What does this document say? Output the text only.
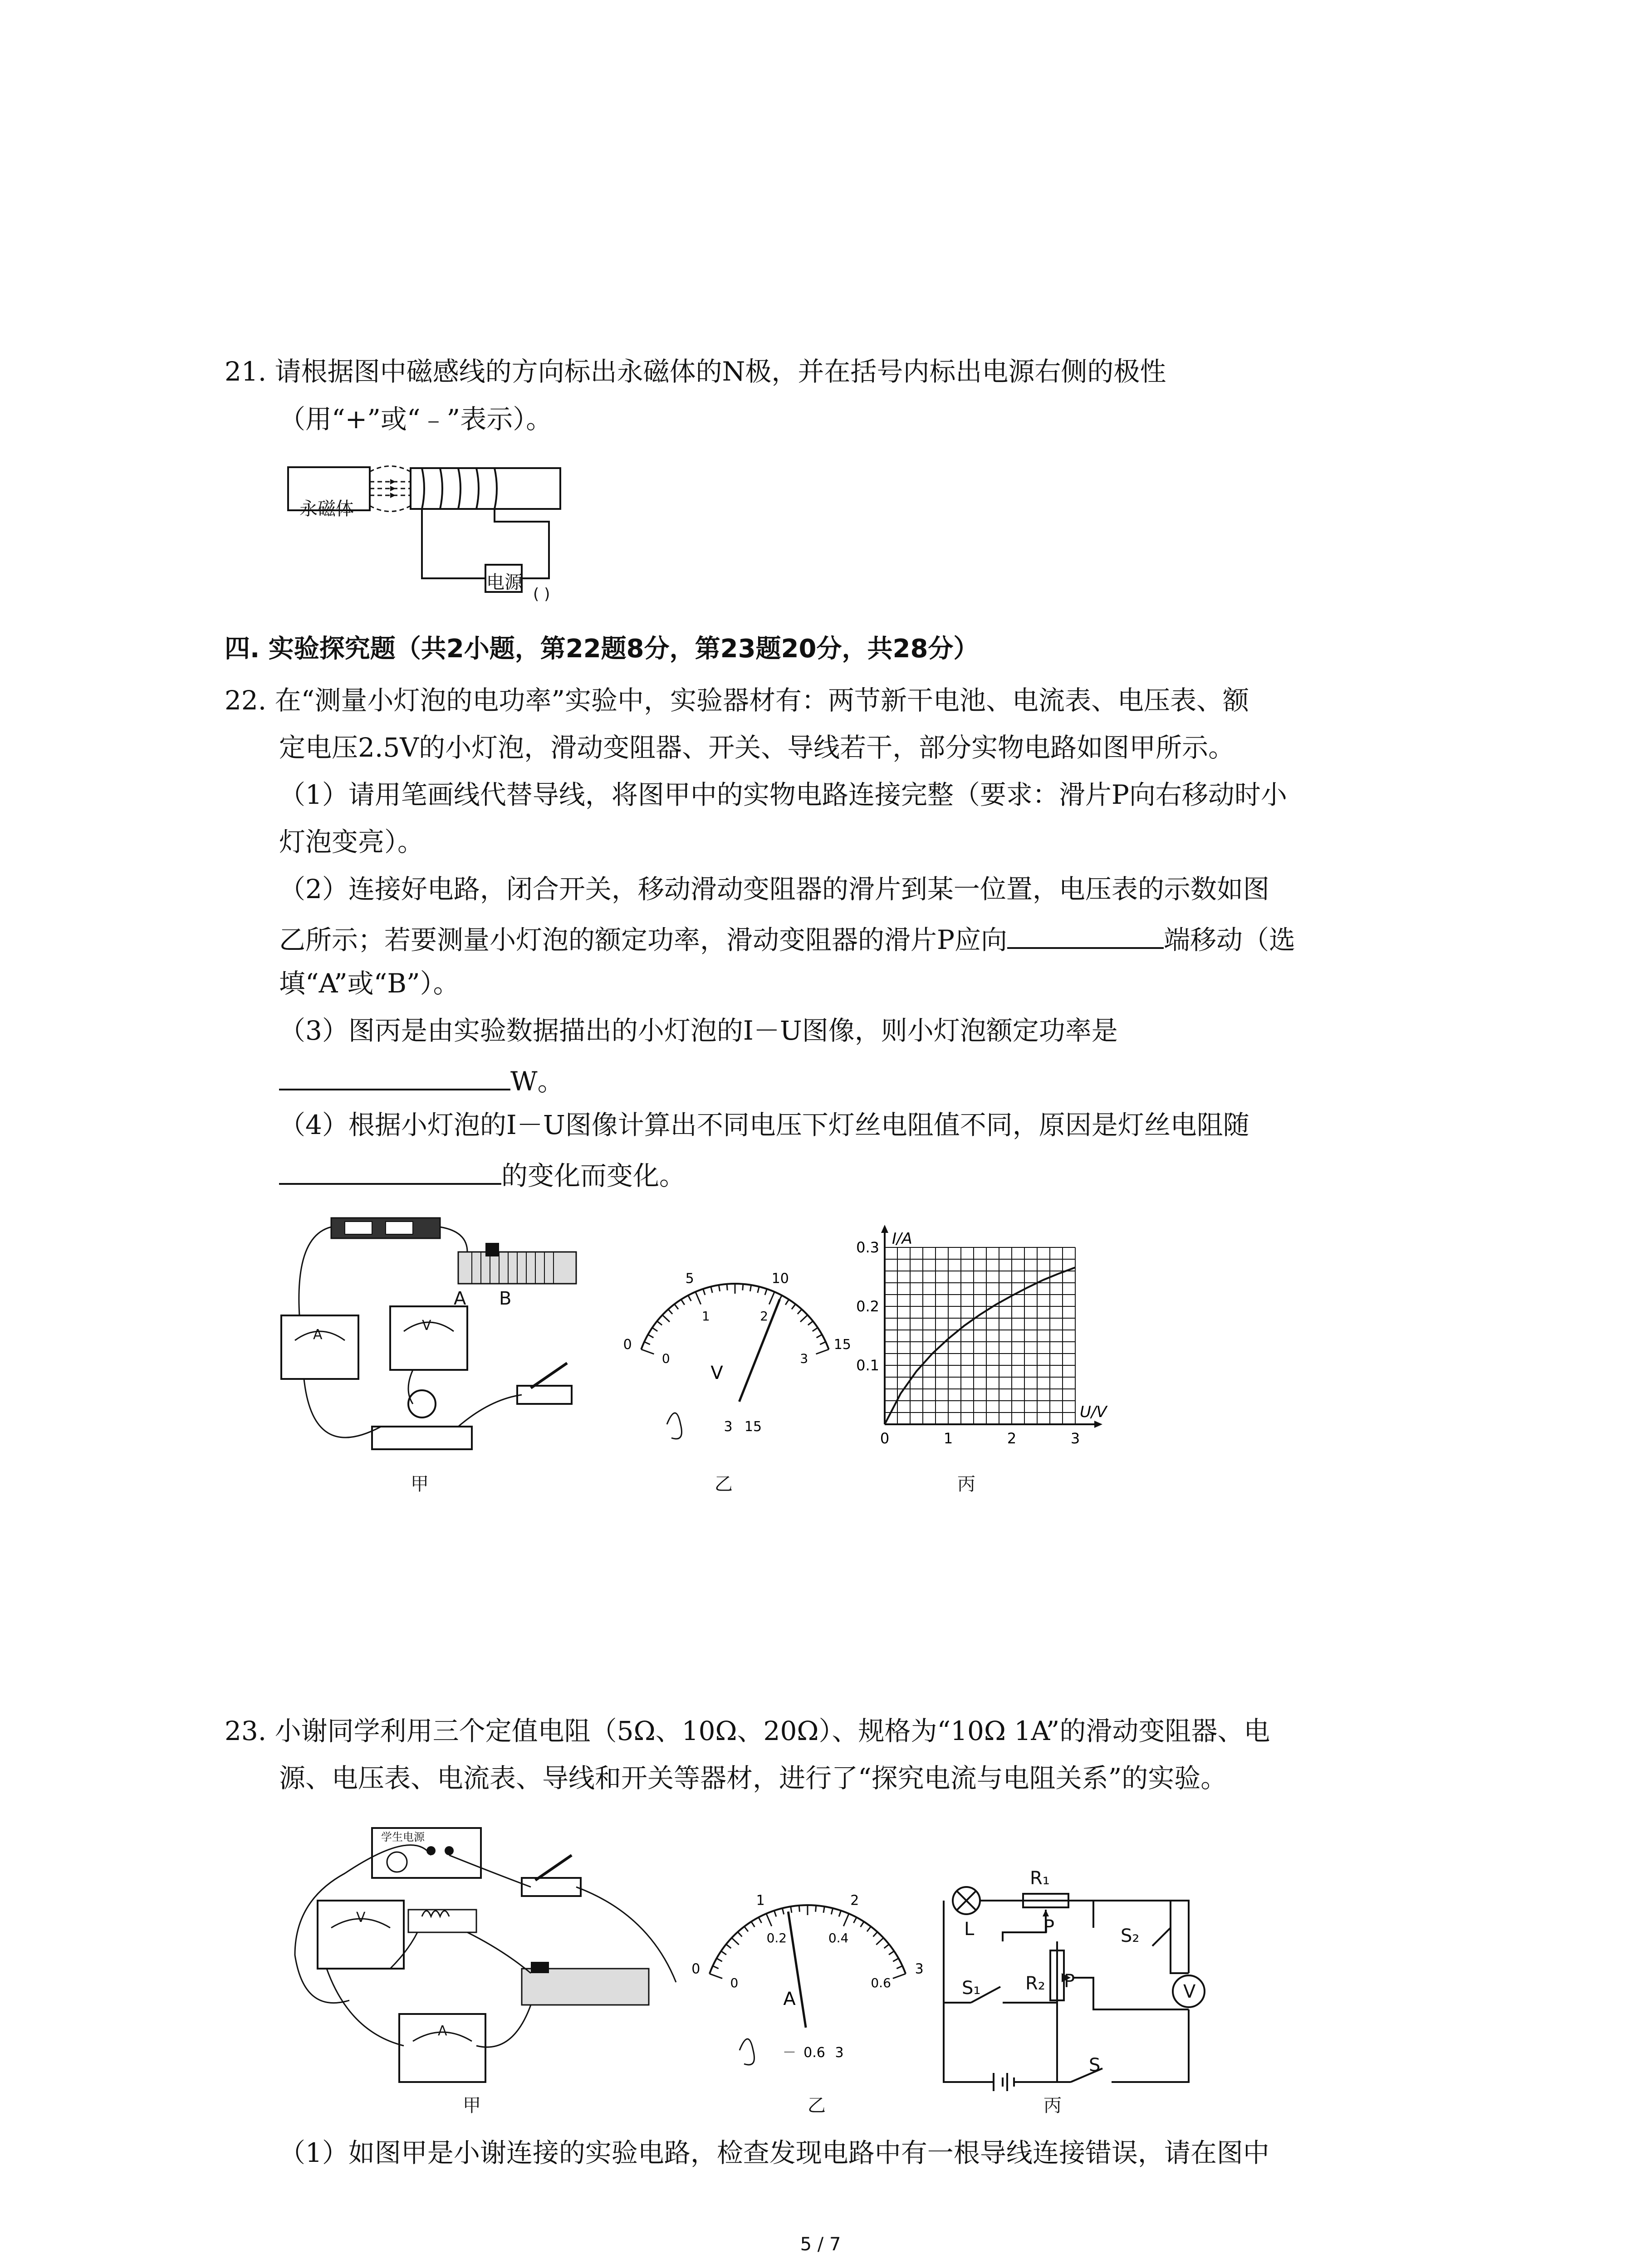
21. 请根据图中磁感线的方向标出永磁体的N极，并在括号内标出电源右侧的极性
（用“+”或“﹣”表示）。
永磁体
电源
( )
四. 实验探究题（共2小题，第22题8分，第23题20分，共28分）
22. 在“测量小灯泡的电功率”实验中，实验器材有：两节新干电池、电流表、电压表、额
定电压2.5V的小灯泡，滑动变阻器、开关、导线若干，部分实物电路如图甲所示。
（1）请用笔画线代替导线，将图甲中的实物电路连接完整（要求：滑片P向右移动时小
灯泡变亮）。
（2）连接好电路，闭合开关，移动滑动变阻器的滑片到某一位置，电压表的示数如图
乙所示；若要测量小灯泡的额定功率，滑动变阻器的滑片P应向	端移动（选
填“A”或“B”）。
（3）图丙是由实验数据描出的小灯泡的I－U图像，则小灯泡额定功率是
W。
（4）根据小灯泡的I－U图像计算出不同电压下灯丝电阻值不同，原因是灯丝电阻随
的变化而变化。
A B
A
V
甲
0
5	10
15
0
1	2
3
V
3 15
乙
0	1	2	3
0.1
0.2
0.3
U/V
I/A
丙
23. 小谢同学利用三个定值电阻（5Ω、10Ω、20Ω）、规格为“10Ω 1A”的滑动变阻器、电
源、电压表、电流表、导线和开关等器材，进行了“探究电流与电阻关系”的实验。
学生电源
V
A
甲
0
1	2
3
0
0.2	0.4
0.6
A
－ 0.6 3
乙
L
R₁
P
R₂ P
S₁
S₂
S
V
丙
（1）如图甲是小谢连接的实验电路，检查发现电路中有一根导线连接错误，请在图中
5 / 7
